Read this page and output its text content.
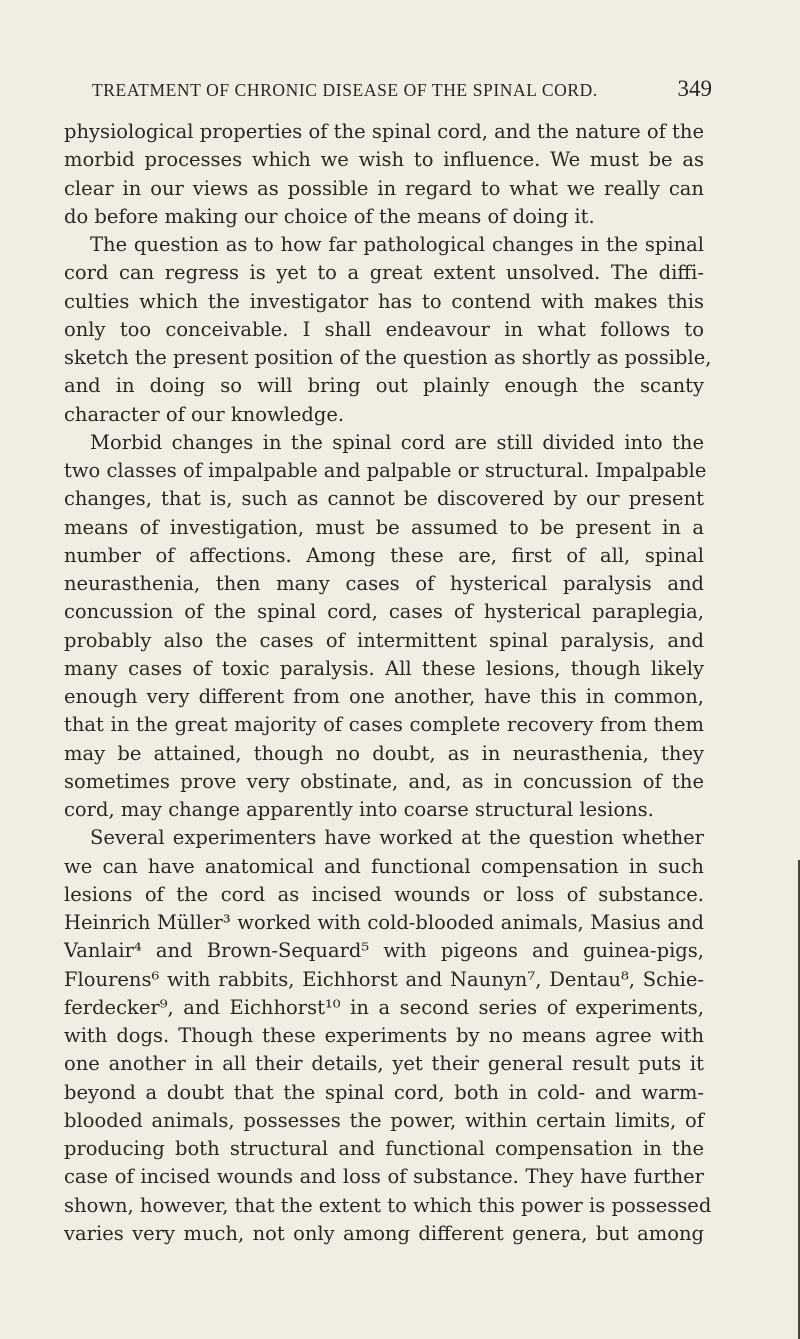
TREATMENT OF CHRONIC DISEASE OF THE SPINAL CORD.	349
physiological properties of the spinal cord, and the nature of the
morbid processes which we wish to influence. We must be as
clear in our views as possible in regard to what we really can
do before making our choice of the means of doing it.
The question as to how far pathological changes in the spinal
cord can regress is yet to a great extent unsolved. The diffi-
culties which the investigator has to contend with makes this
only too conceivable. I shall endeavour in what follows to
sketch the present position of the question as shortly as possible,
and in doing so will bring out plainly enough the scanty
character of our knowledge.
Morbid changes in the spinal cord are still divided into the
two classes of impalpable and palpable or structural. Impalpable
changes, that is, such as cannot be discovered by our present
means of investigation, must be assumed to be present in a
number of affections. Among these are, first of all, spinal
neurasthenia, then many cases of hysterical paralysis and
concussion of the spinal cord, cases of hysterical paraplegia,
probably also the cases of intermittent spinal paralysis, and
many cases of toxic paralysis. All these lesions, though likely
enough very different from one another, have this in common,
that in the great majority of cases complete recovery from them
may be attained, though no doubt, as in neurasthenia, they
sometimes prove very obstinate, and, as in concussion of the
cord, may change apparently into coarse structural lesions.
Several experimenters have worked at the question whether
we can have anatomical and functional compensation in such
lesions of the cord as incised wounds or loss of substance.
Heinrich Müller³ worked with cold-blooded animals, Masius and
Vanlair⁴ and Brown-Sequard⁵ with pigeons and guinea-pigs,
Flourens⁶ with rabbits, Eichhorst and Naunyn⁷, Dentau⁸, Schie-
ferdecker⁹, and Eichhorst¹⁰ in a second series of experiments,
with dogs. Though these experiments by no means agree with
one another in all their details, yet their general result puts it
beyond a doubt that the spinal cord, both in cold- and warm-
blooded animals, possesses the power, within certain limits, of
producing both structural and functional compensation in the
case of incised wounds and loss of substance. They have further
shown, however, that the extent to which this power is possessed
varies very much, not only among different genera, but among
